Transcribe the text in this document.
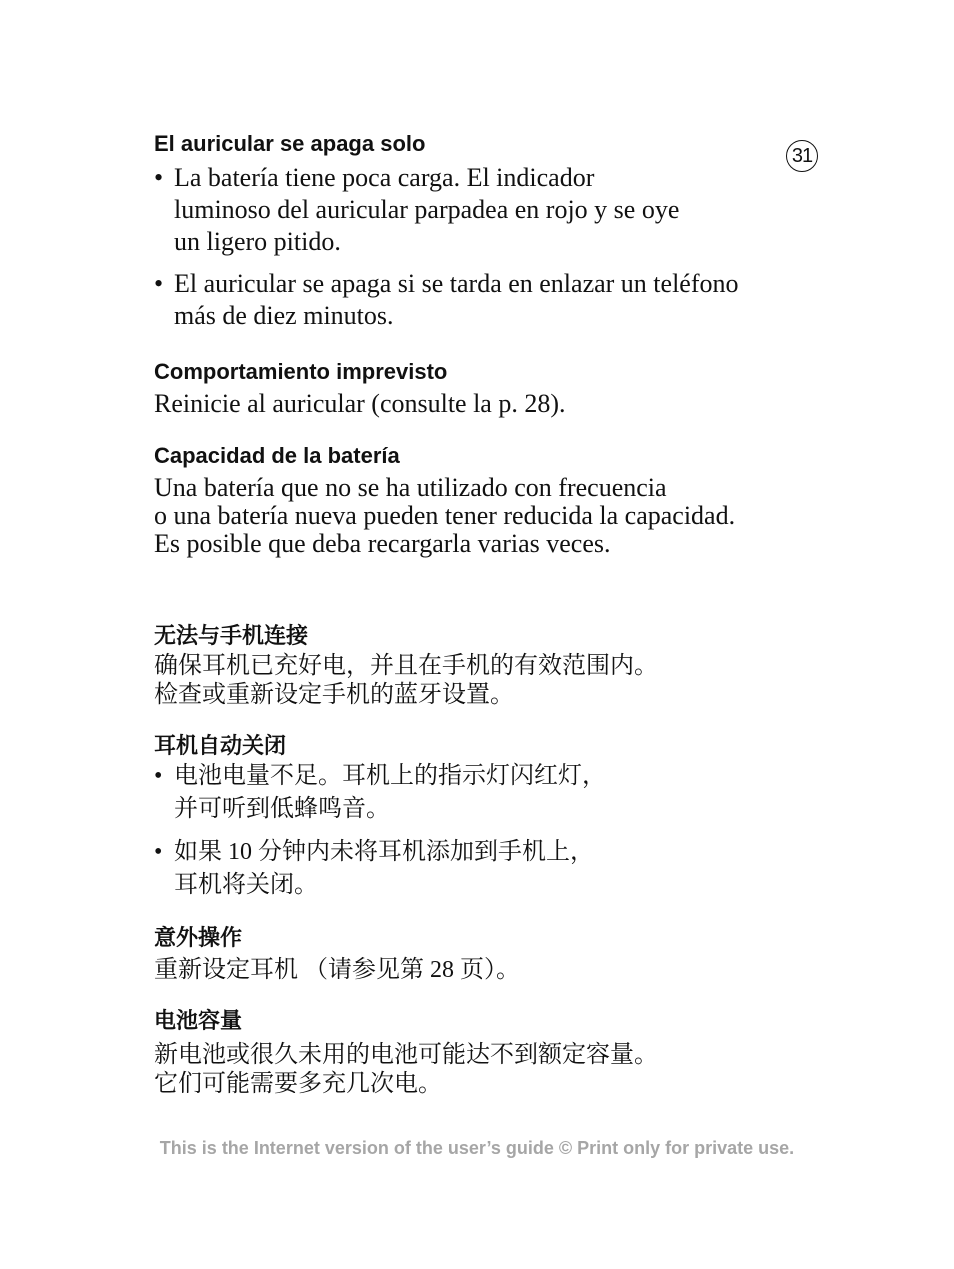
31

El auricular se apaga solo

• La batería tiene poca carga. El indicador
luminoso del auricular parpadea en rojo y se oye
un ligero pitido.
• El auricular se apaga si se tarda en enlazar un teléfono
más de diez minutos.

Comportamiento imprevisto

Reinicie al auricular (consulte la p. 28).

Capacidad de la batería

Una batería que no se ha utilizado con frecuencia
o una batería nueva pueden tener reducida la capacidad.
Es posible que deba recargarla varias veces.

无法与手机连接

确保耳机已充好电，并且在手机的有效范围内。
检查或重新设定手机的蓝牙设置。

耳机自动关闭

• 电池电量不足。耳机上的指示灯闪红灯，
并可听到低蜂鸣音。
• 如果 10 分钟内未将耳机添加到手机上，
耳机将关闭。

意外操作

重新设定耳机 （请参见第 28 页）。

电池容量

新电池或很久未用的电池可能达不到额定容量。
它们可能需要多充几次电。
This is the Internet version of the user’s guide © Print only for private use.
